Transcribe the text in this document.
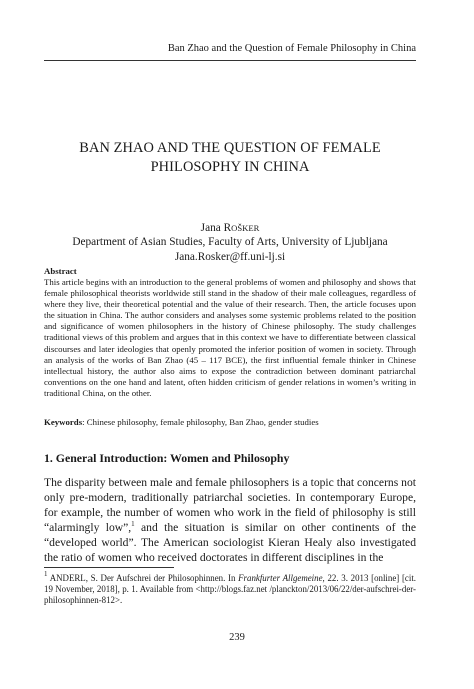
Ban Zhao and the Question of Female Philosophy in China
BAN ZHAO AND THE QUESTION OF FEMALE
PHILOSOPHY IN CHINA
Jana ROŠKER
Department of Asian Studies, Faculty of Arts, University of Ljubljana
Jana.Rosker@ff.uni-lj.si
Abstract
This article begins with an introduction to the general problems of women and philosophy and shows that female philosophical theorists worldwide still stand in the shadow of their male colleagues, regardless of where they live, their theoretical potential and the value of their research. Then, the article focuses upon the situation in China. The author considers and analyses some systemic problems related to the position and significance of women philosophers in the history of Chinese philosophy. The study challenges traditional views of this problem and argues that in this context we have to differentiate between classical discourses and later ideologies that openly promoted the inferior position of women in society. Through an analysis of the works of Ban Zhao (45 – 117 BCE), the first influential female thinker in Chinese intellectual history, the author also aims to expose the contradiction between dominant patriarchal conventions on the one hand and latent, often hidden criticism of gender relations in women’s writing in traditional China, on the other.
Keywords: Chinese philosophy, female philosophy, Ban Zhao, gender studies
1. General Introduction: Women and Philosophy
The disparity between male and female philosophers is a topic that concerns not only pre-modern, traditionally patriarchal societies. In contemporary Europe, for example, the number of women who work in the field of philosophy is still “alarmingly low”,$^1$ and the situation is similar on other continents of the “developed world”. The American sociologist Kieran Healy also investigated the ratio of women who received doctorates in different disciplines in the
$^1$ ANDERL, S. Der Aufschrei der Philosophinnen. In Frankfurter Allgemeine, 22. 3. 2013 [online] [cit. 19 November, 2018], p. 1. Available from <http://blogs.faz.net /planckton/2013/06/22/der-aufschrei-der-philosophinnen-812>.
239
